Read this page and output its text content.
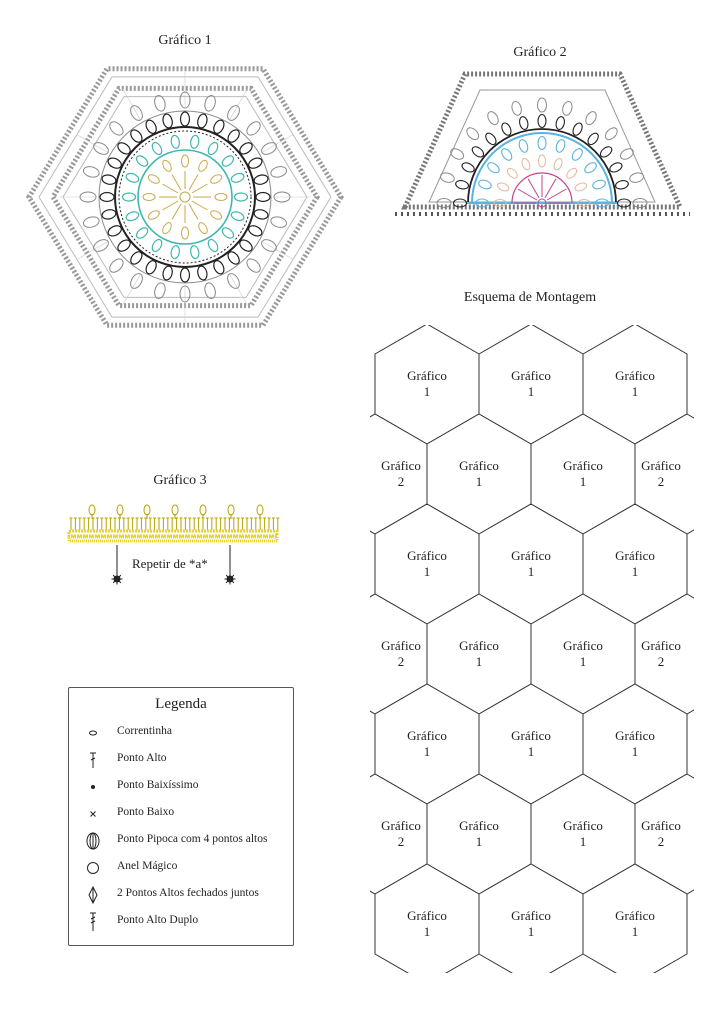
Gráfico 1
Gráfico 2
Gráfico 3
Repetir de *a*
Esquema de Montagem
Gráfico
1
Gráfico
1
Gráfico
1
Gráfico
2
Gráfico
1
Gráfico
1
Gráfico
2
Gráfico
1
Gráfico
1
Gráfico
1
Gráfico
2
Gráfico
1
Gráfico
1
Gráfico
2
Gráfico
1
Gráfico
1
Gráfico
1
Gráfico
2
Gráfico
1
Gráfico
1
Gráfico
2
Gráfico
1
Gráfico
1
Gráfico
1
Legenda
Correntinha
Ponto Alto
Ponto Baixíssimo
Ponto Baixo
Ponto Pipoca com 4 pontos altos
Anel Mágico
2 Pontos Altos fechados juntos
Ponto Alto Duplo
